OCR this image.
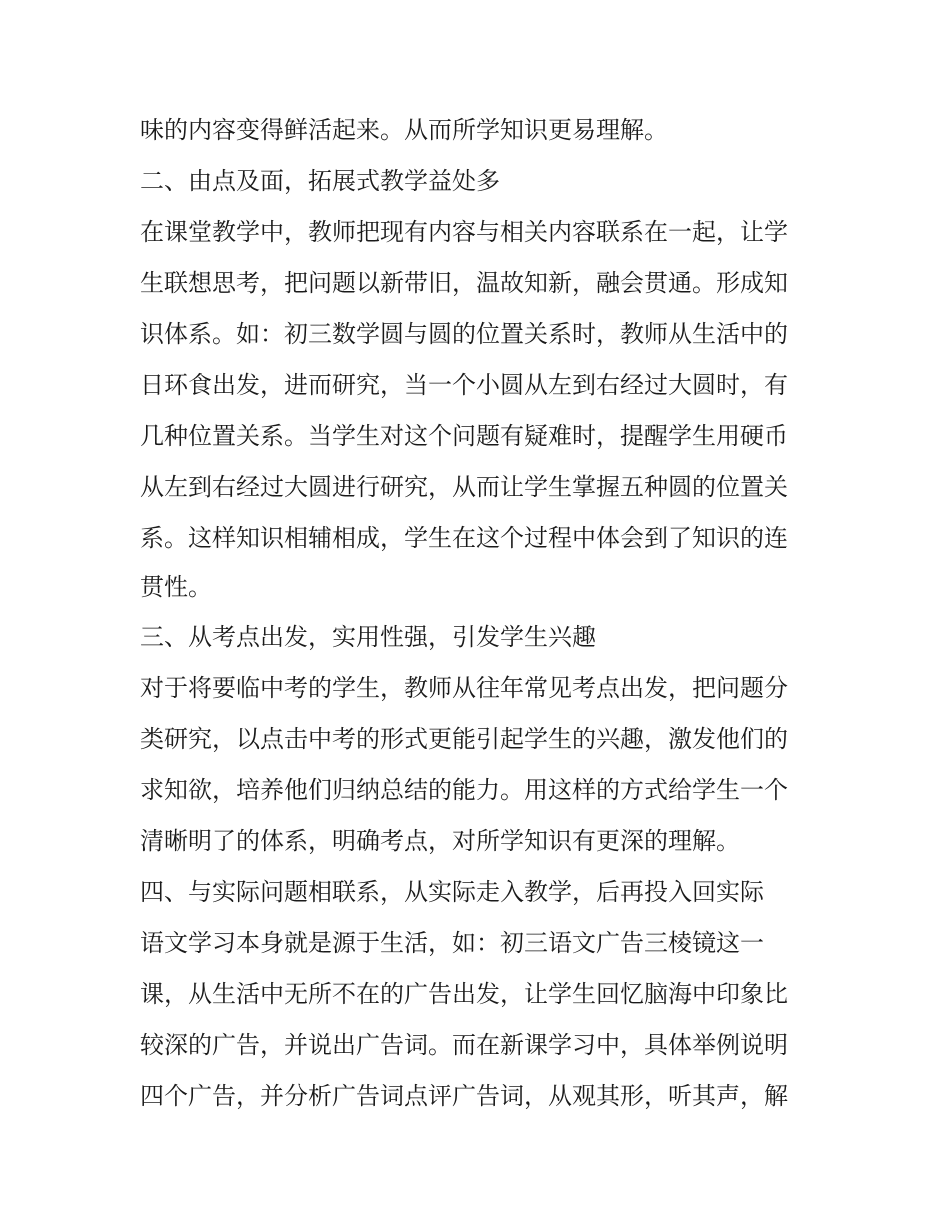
味的内容变得鲜活起来。从而所学知识更易理解。

二、由点及面，拓展式教学益处多

在课堂教学中，教师把现有内容与相关内容联系在一起，让学

生联想思考，把问题以新带旧，温故知新，融会贯通。形成知

识体系。如：初三数学圆与圆的位置关系时，教师从生活中的

日环食出发，进而研究，当一个小圆从左到右经过大圆时，有

几种位置关系。当学生对这个问题有疑难时，提醒学生用硬币

从左到右经过大圆进行研究，从而让学生掌握五种圆的位置关

系。这样知识相辅相成，学生在这个过程中体会到了知识的连

贯性。

三、从考点出发，实用性强，引发学生兴趣

对于将要临中考的学生，教师从往年常见考点出发，把问题分

类研究，以点击中考的形式更能引起学生的兴趣，激发他们的

求知欲，培养他们归纳总结的能力。用这样的方式给学生一个

清晰明了的体系，明确考点，对所学知识有更深的理解。

四、与实际问题相联系，从实际走入教学，后再投入回实际

语文学习本身就是源于生活，如：初三语文广告三棱镜这一

课，从生活中无所不在的广告出发，让学生回忆脑海中印象比

较深的广告，并说出广告词。而在新课学习中，具体举例说明

四个广告，并分析广告词点评广告词，从观其形，听其声，解
